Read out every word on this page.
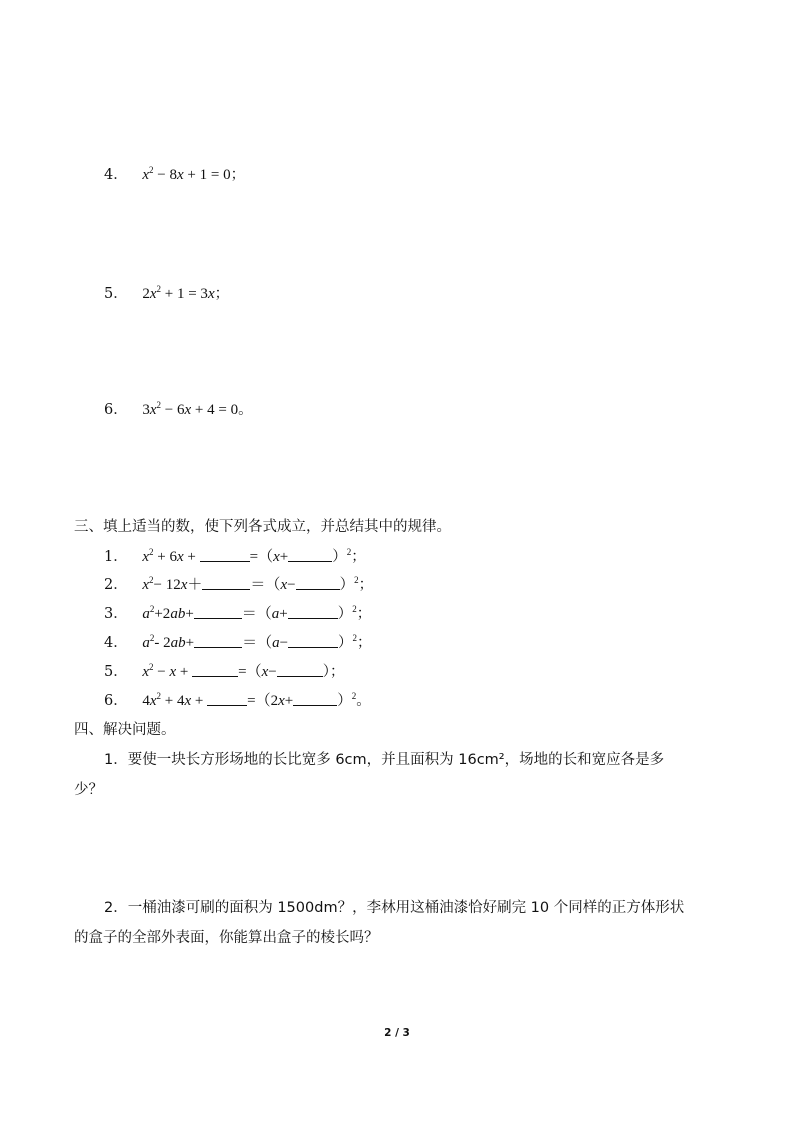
4． $x^2 - 8x + 1 = 0$；
5． $2x^2 + 1 = 3x$；
6． $3x^2 - 6x + 4 = 0$。
三、填上适当的数，使下列各式成立，并总结其中的规律。
1． $x^2 + 6x$ +	=（x+	）$^2$；
2． $x^2- 12x+$	＝（x−	）$^2$；
3． $a^2+2ab+$	＝（a+	）$^2$；
4． $a^2-$ 2ab+	＝（a−	）$^2$；
5． $x^2 - x$ +	=（x−	）；
6． $4x^2 + 4x$ +	=（2x+	）$^2$。
四、解决问题。
1．要使一块长方形场地的长比宽多 6cm，并且面积为 16cm²，场地的长和宽应各是多
少？
2．一桶油漆可刷的面积为 1500dm？，李林用这桶油漆恰好刷完 10 个同样的正方体形状
的盒子的全部外表面，你能算出盒子的棱长吗？
2 / 3
